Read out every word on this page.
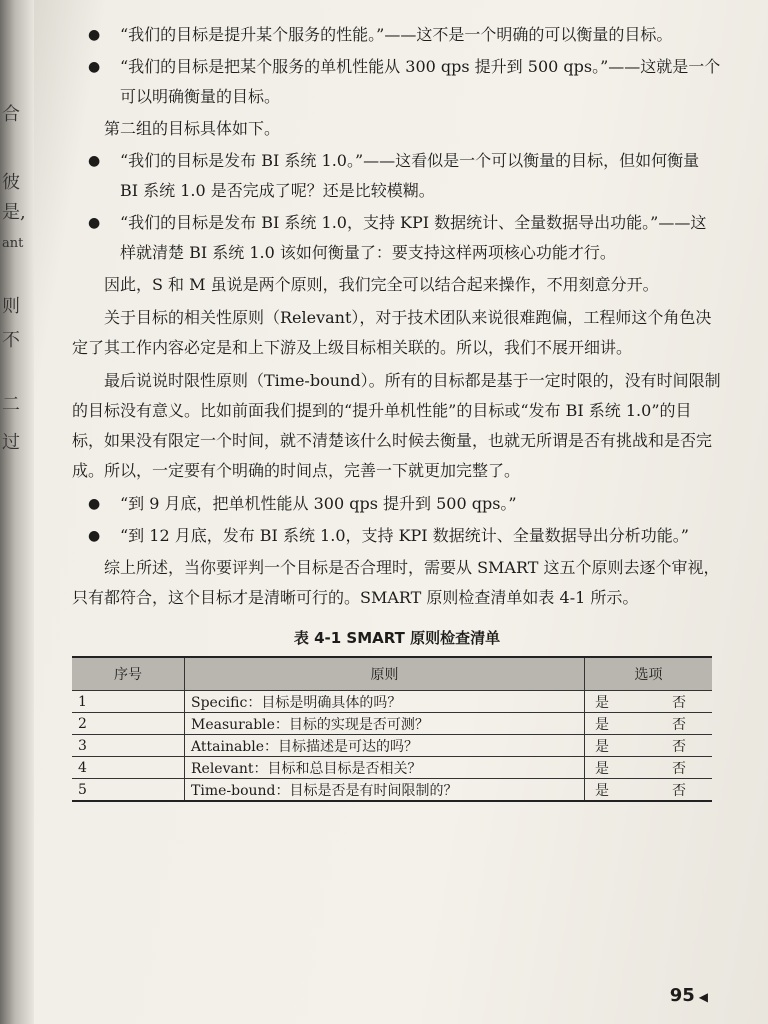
合
彼
是,
ant
则
不
二
过
● “我们的目标是提升某个服务的性能。”——这不是一个明确的可以衡量的目标。
● “我们的目标是把某个服务的单机性能从 300 qps 提升到 500 qps。”——这就是一个可以明确衡量的目标。
第二组的目标具体如下。
● “我们的目标是发布 BI 系统 1.0。”——这看似是一个可以衡量的目标，但如何衡量 BI 系统 1.0 是否完成了呢？还是比较模糊。
● “我们的目标是发布 BI 系统 1.0，支持 KPI 数据统计、全量数据导出功能。”——这样就清楚 BI 系统 1.0 该如何衡量了：要支持这样两项核心功能才行。

因此，S 和 M 虽说是两个原则，我们完全可以结合起来操作，不用刻意分开。

关于目标的相关性原则（Relevant），对于技术团队来说很难跑偏，工程师这个角色决定了其工作内容必定是和上下游及上级目标相关联的。所以，我们不展开细讲。

最后说说时限性原则（Time-bound）。所有的目标都是基于一定时限的，没有时间限制的目标没有意义。比如前面我们提到的“提升单机性能”的目标或“发布 BI 系统 1.0”的目标，如果没有限定一个时间，就不清楚该什么时候去衡量，也就无所谓是否有挑战和是否完成。所以，一定要有个明确的时间点，完善一下就更加完整了。

● “到 9 月底，把单机性能从 300 qps 提升到 500 qps。”
● “到 12 月底，发布 BI 系统 1.0，支持 KPI 数据统计、全量数据导出分析功能。”

综上所述，当你要评判一个目标是否合理时，需要从 SMART 这五个原则去逐个审视，只有都符合，这个目标才是清晰可行的。SMART 原则检查清单如表 4-1 所示。

表 4-1 SMART 原则检查清单
序号	原则	选项
1	Specific：目标是明确具体的吗？	是 否

2	Measurable：目标的实现是否可测？	是 否

3	Attainable：目标描述是可达的吗？	是 否

4	Relevant：目标和总目标是否相关？	是 否

5	Time-bound：目标是否是有时间限制的？	是 否
95 ◀
